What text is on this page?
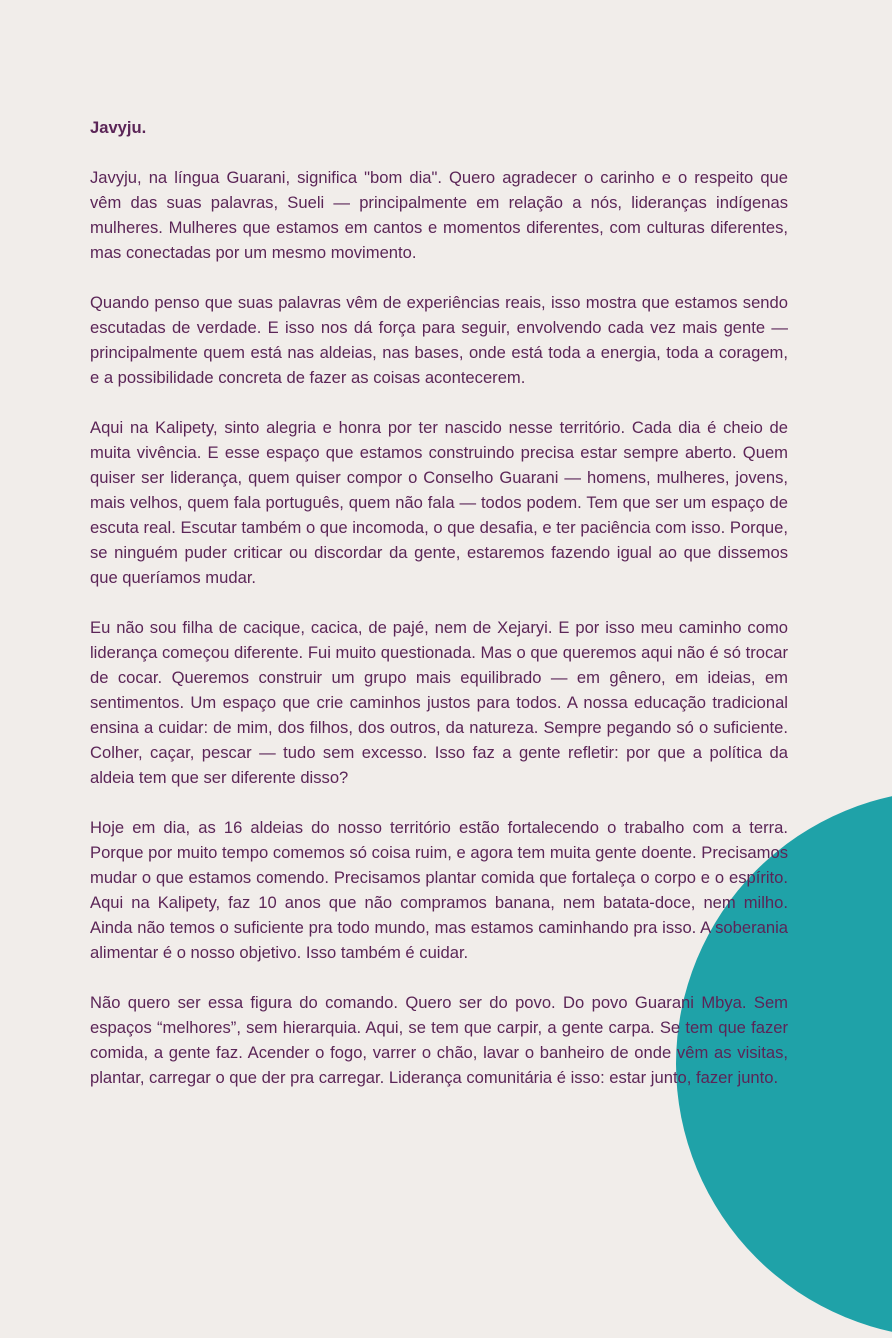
Javyju.

Javyju, na língua Guarani, significa "bom dia". Quero agradecer o carinho e o respeito que vêm das suas palavras, Sueli — principalmente em relação a nós, lideranças indígenas mulheres. Mulheres que estamos em cantos e momentos diferentes, com culturas diferentes, mas conectadas por um mesmo movimento.

Quando penso que suas palavras vêm de experiências reais, isso mostra que estamos sendo escutadas de verdade. E isso nos dá força para seguir, envolvendo cada vez mais gente — principalmente quem está nas aldeias, nas bases, onde está toda a energia, toda a coragem, e a possibilidade concreta de fazer as coisas acontecerem.

Aqui na Kalipety, sinto alegria e honra por ter nascido nesse território. Cada dia é cheio de muita vivência. E esse espaço que estamos construindo precisa estar sempre aberto. Quem quiser ser liderança, quem quiser compor o Conselho Guarani — homens, mulheres, jovens, mais velhos, quem fala português, quem não fala — todos podem. Tem que ser um espaço de escuta real. Escutar também o que incomoda, o que desafia, e ter paciência com isso. Porque, se ninguém puder criticar ou discordar da gente, estaremos fazendo igual ao que dissemos que queríamos mudar.

Eu não sou filha de cacique, cacica, de pajé, nem de Xejaryi. E por isso meu caminho como liderança começou diferente. Fui muito questionada. Mas o que queremos aqui não é só trocar de cocar. Queremos construir um grupo mais equilibrado — em gênero, em ideias, em sentimentos. Um espaço que crie caminhos justos para todos. A nossa educação tradicional ensina a cuidar: de mim, dos filhos, dos outros, da natureza. Sempre pegando só o suficiente. Colher, caçar, pescar — tudo sem excesso. Isso faz a gente refletir: por que a política da aldeia tem que ser diferente disso?

Hoje em dia, as 16 aldeias do nosso território estão fortalecendo o trabalho com a terra. Porque por muito tempo comemos só coisa ruim, e agora tem muita gente doente. Precisamos mudar o que estamos comendo. Precisamos plantar comida que fortaleça o corpo e o espírito. Aqui na Kalipety, faz 10 anos que não compramos banana, nem batata-doce, nem milho. Ainda não temos o suficiente pra todo mundo, mas estamos caminhando pra isso. A soberania alimentar é o nosso objetivo. Isso também é cuidar.

Não quero ser essa figura do comando. Quero ser do povo. Do povo Guarani Mbya. Sem espaços “melhores”, sem hierarquia. Aqui, se tem que carpir, a gente carpa. Se tem que fazer comida, a gente faz. Acender o fogo, varrer o chão, lavar o banheiro de onde vêm as visitas, plantar, carregar o que der pra carregar. Liderança comunitária é isso: estar junto, fazer junto.
